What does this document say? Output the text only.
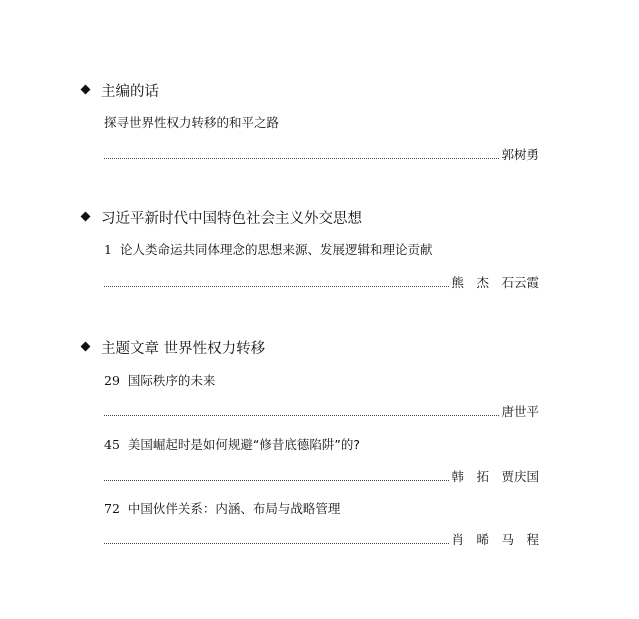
主编的话
探寻世界性权力转移的和平之路
郭树勇
习近平新时代中国特色社会主义外交思想
1 论人类命运共同体理念的思想来源、发展逻辑和理论贡献
熊　杰　石云霞
主题文章 世界性权力转移
29 国际秩序的未来
唐世平
45 美国崛起时是如何规避“修昔底德陷阱”的?
韩　拓　贾庆国
72 中国伙伴关系：内涵、布局与战略管理
肖　晞　马　程
